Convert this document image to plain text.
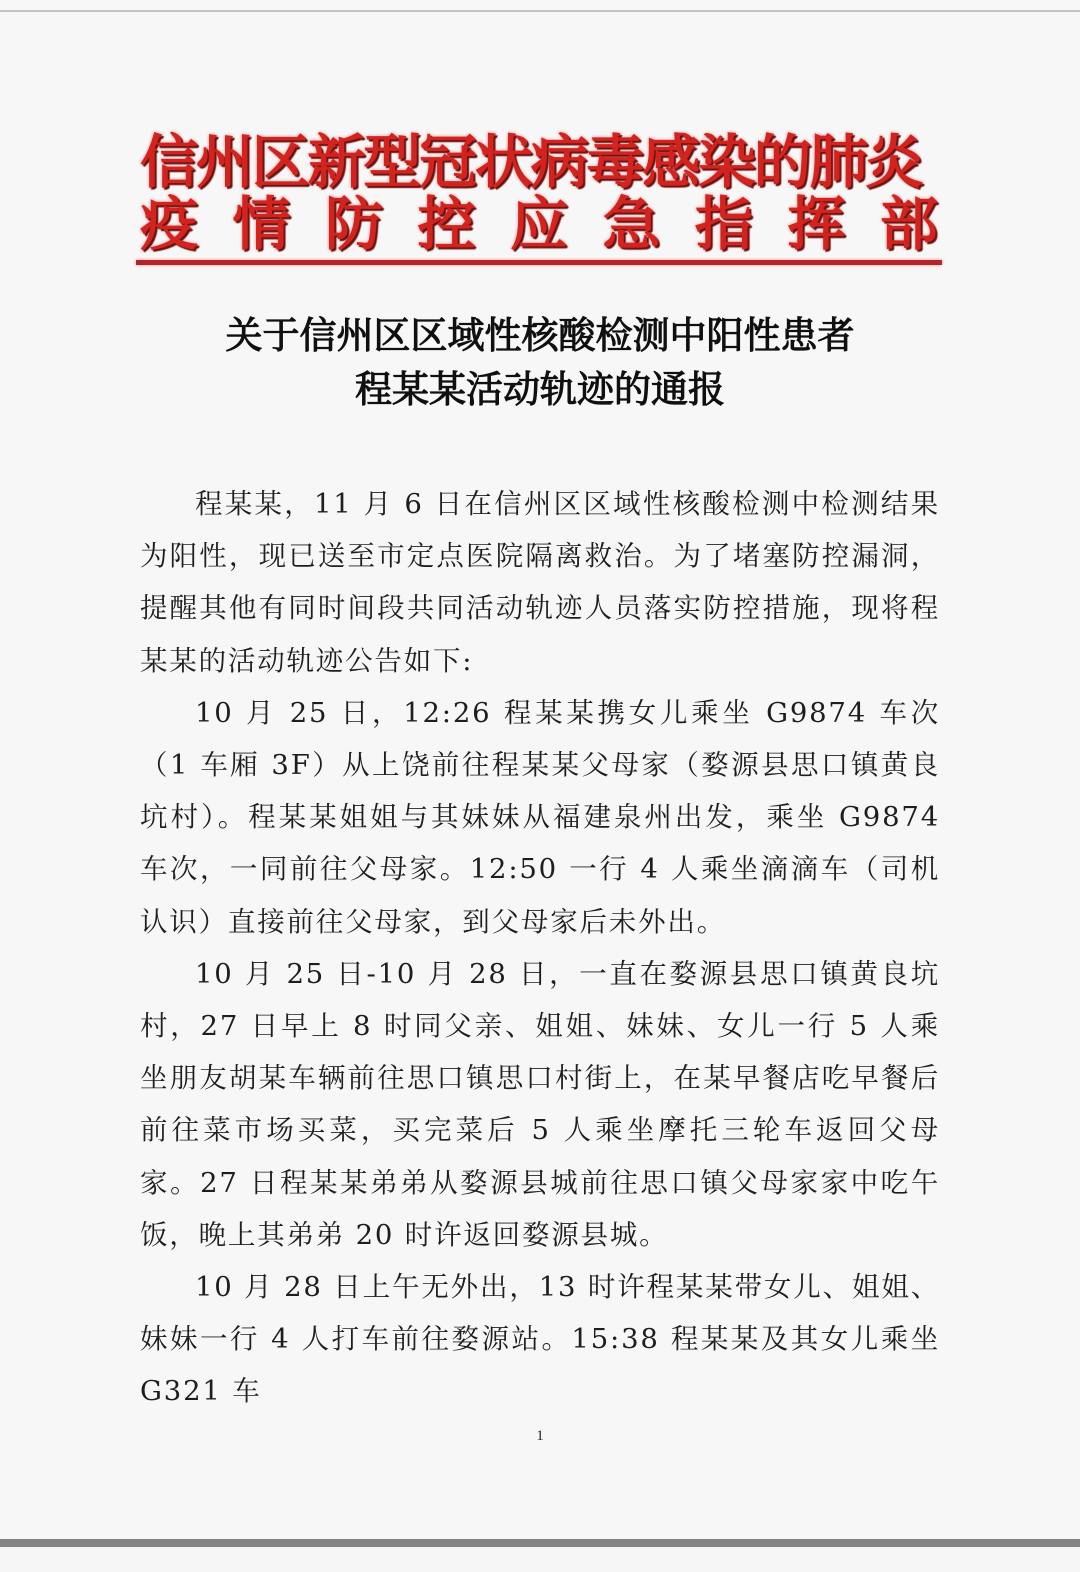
信州区新型冠状病毒感染的肺炎
疫 情 防 控 应 急 指 挥 部
关于信州区区域性核酸检测中阳性患者
程某某活动轨迹的通报

程某某，11 月 6 日在信州区区域性核酸检测中检测结果为阳性，现已送至市定点医院隔离救治。为了堵塞防控漏洞，提醒其他有同时间段共同活动轨迹人员落实防控措施，现将程某某的活动轨迹公告如下:

10 月 25 日，12:26 程某某携女儿乘坐 G9874 车次（1 车厢 3F）从上饶前往程某某父母家（婺源县思口镇黄良坑村）。程某某姐姐与其妹妹从福建泉州出发，乘坐 G9874 车次，一同前往父母家。12:50 一行 4 人乘坐滴滴车（司机认识）直接前往父母家，到父母家后未外出。

10 月 25 日-10 月 28 日，一直在婺源县思口镇黄良坑村，27 日早上 8 时同父亲、姐姐、妹妹、女儿一行 5 人乘坐朋友胡某车辆前往思口镇思口村街上，在某早餐店吃早餐后前往菜市场买菜，买完菜后 5 人乘坐摩托三轮车返回父母家。27 日程某某弟弟从婺源县城前往思口镇父母家家中吃午饭，晚上其弟弟 20 时许返回婺源县城。

10 月 28 日上午无外出，13 时许程某某带女儿、姐姐、妹妹一行 4 人打车前往婺源站。15:38 程某某及其女儿乘坐 G321 车

1
